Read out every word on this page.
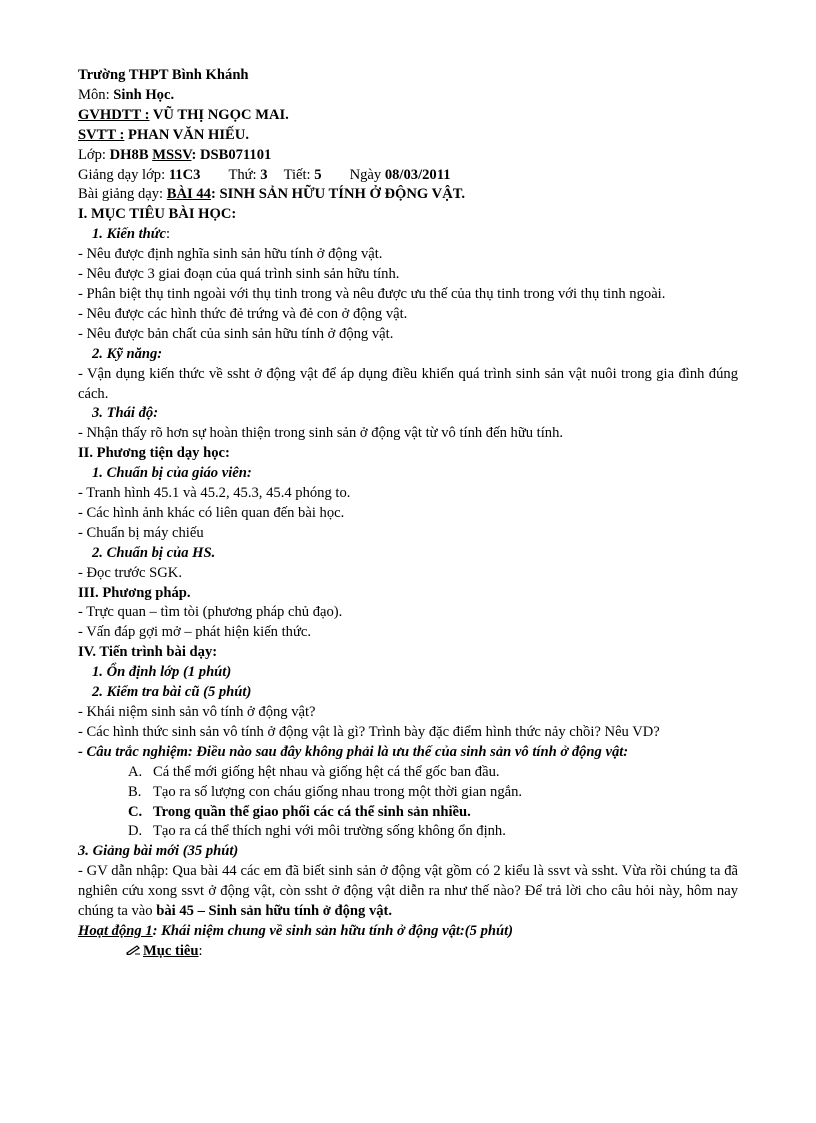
Trường THPT Bình Khánh
Môn: Sinh Học.
GVHDTT : VŨ THỊ NGỌC MAI.
SVTT : PHAN VĂN HIẾU.
Lớp: DH8B MSSV: DSB071101
Giảng dạy lớp: 11C3 Thứ: 3 Tiết: 5 Ngày 08/03/2011
Bài giảng dạy: BÀI 44: SINH SẢN HỮU TÍNH Ở ĐỘNG VẬT.
I. MỤC TIÊU BÀI HỌC:
1. Kiến thức:
- Nêu được định nghĩa sinh sản hữu tính ở động vật.
- Nêu được 3 giai đoạn của quá trình sinh sản hữu tính.
- Phân biệt thụ tinh ngoài với thụ tinh trong và nêu được ưu thế của thụ tinh trong với thụ tinh ngoài.
- Nêu được các hình thức đẻ trứng và đẻ con ở động vật.
- Nêu được bản chất của sinh sản hữu tính ở động vật.
2. Kỹ năng:
- Vận dụng kiến thức về ssht ở động vật để áp dụng điều khiển quá trình sinh sản vật nuôi trong gia đình đúng cách.
3. Thái độ:
- Nhận thấy rõ hơn sự hoàn thiện trong sinh sản ở động vật từ vô tính đến hữu tính.
II. Phương tiện dạy học:
1. Chuẩn bị của giáo viên:
- Tranh hình 45.1 và 45.2, 45.3, 45.4 phóng to.
- Các hình ảnh khác có liên quan đến bài học.
- Chuẩn bị máy chiếu
2. Chuẩn bị của HS.
- Đọc trước SGK.
III. Phương pháp.
- Trực quan – tìm tòi (phương pháp chủ đạo).
- Vấn đáp gợi mở – phát hiện kiến thức.
IV. Tiến trình bài dạy:
1. Ổn định lớp (1 phút)
2. Kiểm tra bài cũ (5 phút)
- Khái niệm sinh sản vô tính ở động vật?
- Các hình thức sinh sản vô tính ở động vật là gì? Trình bày đặc điểm hình thức nảy chồi? Nêu VD?
- Câu trắc nghiệm: Điều nào sau đây không phải là ưu thế của sinh sản vô tính ở động vật:
A. Cá thể mới giống hệt nhau và giống hệt cá thể gốc ban đầu.
B. Tạo ra số lượng con cháu giống nhau trong một thời gian ngắn.
C. Trong quần thể giao phối các cá thể sinh sản nhiều.
D. Tạo ra cá thể thích nghi với môi trường sống không ổn định.
3. Giảng bài mới (35 phút)
- GV dẫn nhập: Qua bài 44 các em đã biết sinh sản ở động vật gồm có 2 kiểu là ssvt và ssht. Vừa rồi chúng ta đã nghiên cứu xong ssvt ở động vật, còn ssht ở động vật diễn ra như thế nào? Để trả lời cho câu hỏi này, hôm nay chúng ta vào bài 45 – Sinh sản hữu tính ở động vật.
Hoạt động 1: Khái niệm chung về sinh sản hữu tính ở động vật:(5 phút)
Mục tiêu:
